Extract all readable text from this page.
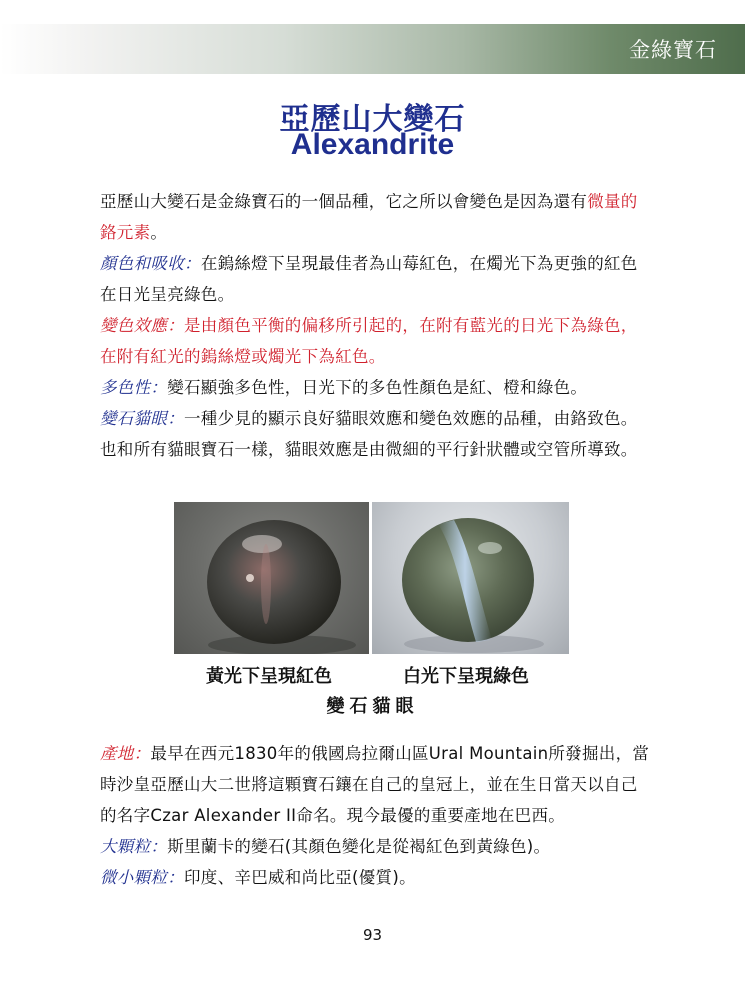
金綠寶石
亞歷山大變石
Alexandrite

亞歷山大變石是金綠寶石的一個品種，它之所以會變色是因為還有微量的鉻元素。

顏色和吸收：在鎢絲燈下呈現最佳者為山莓紅色，在燭光下為更強的紅色在日光呈亮綠色。

變色效應：是由顏色平衡的偏移所引起的，在附有藍光的日光下為綠色，在附有紅光的鎢絲燈或燭光下為紅色。

多色性：變石顯強多色性，日光下的多色性顏色是紅、橙和綠色。

變石貓眼：一種少見的顯示良好貓眼效應和變色效應的品種，由鉻致色。也和所有貓眼寶石一樣，貓眼效應是由微細的平行針狀體或空管所導致。

黃光下呈現紅色	白光下呈現綠色
變石貓眼

產地：最早在西元1830年的俄國烏拉爾山區Ural Mountain所發掘出，當時沙皇亞歷山大二世將這顆寶石鑲在自己的皇冠上，並在生日當天以自己的名字Czar Alexander II命名。現今最優的重要產地在巴西。

大顆粒：斯里蘭卡的變石(其顏色變化是從褐紅色到黃綠色)。

微小顆粒：印度、辛巴威和尚比亞(優質)。

93
